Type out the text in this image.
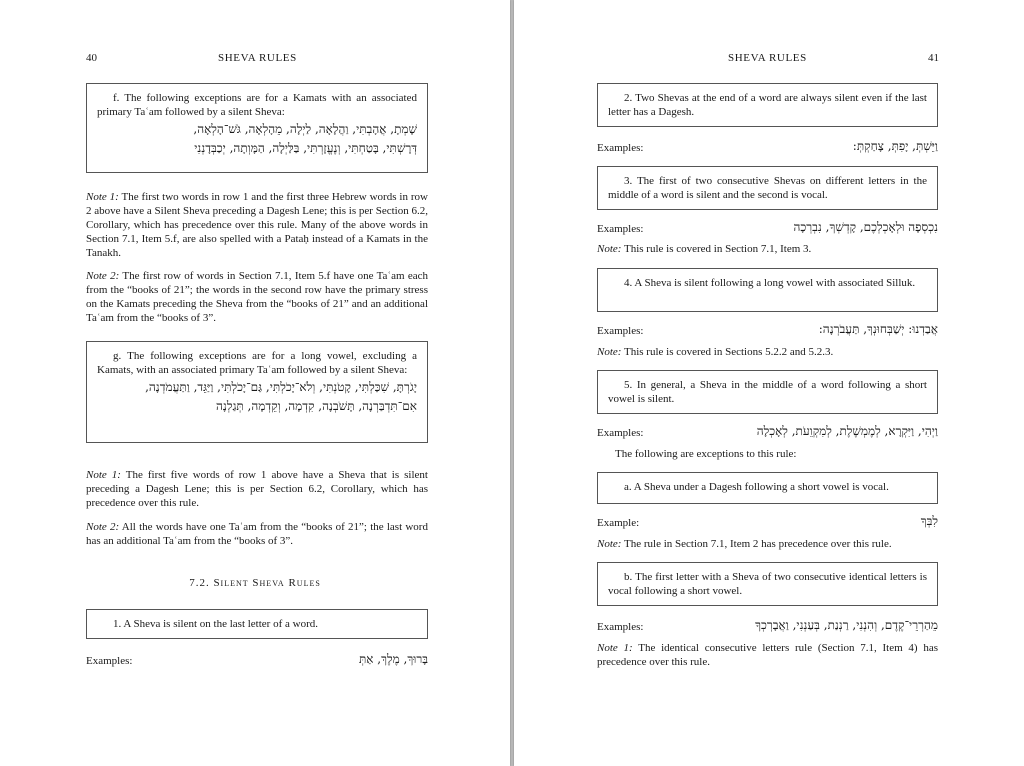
40	SHEVA RULES

f. The following exceptions are for a Kamats with an associated primary Taʿam followed by a silent Sheva:

שָׁמְתָ, אֲהָבְתִּי, וַהֲלָאָה, לַיְלָה, מֵהָלְאָה, גֹּשׁ־הָלְאָה,

דְּרָשְׁתִּי, בָּטַחְתִּי, וְנֶעֱזָרְתִּי, בַּלַּיְלָה, הַמָּוְתָה, יְכַבְּדָנְנִי

Note 1: The first two words in row 1 and the first three Hebrew words in row 2 above have a Silent Sheva preceding a Dagesh Lene; this is per Section 6.2, Corollary, which has precedence over this rule. Many of the above words in Section 7.1, Item 5.f, are also spelled with a Pataḥ instead of a Kamats in the Tanakh.

Note 2: The first row of words in Section 7.1, Item 5.f have one Taʿam each from the “books of 21”; the words in the second row have the primary stress on the Kamats preceding the Sheva from the “books of 21” and an additional Taʿam from the “books of 3”.

g. The following exceptions are for a long vowel, excluding a Kamats, with an associated primary Taʿam followed by a silent Sheva:

יָגֹרְתָּ, שִׁכַּלְתִּי, קָטֹנְתִּי, וְלֹא־יָכֹלְתִּי, גַּם־יָכֹלְתִּי, וַיַּגֵּד, וַתַּעֲמֹדְנָה,

אִם־תִּדְבַּרְנָה, תָּשֹׁבְנָה, קִדְמָה, וְקֵדְמָה, תְּגַלְנָה

Note 1: The first five words of row 1 above have a Sheva that is silent preceding a Dagesh Lene; this is per Section 6.2, Corollary, which has precedence over this rule.

Note 2: All the words have one Taʿam from the “books of 21”; the last word has an additional Taʿam from the “books of 3”.

7.2. Silent Sheva Rules

1. A Sheva is silent on the last letter of a word.

Examples:	בָּרוּךְ, מֶלֶךְ, אַתְּ
SHEVA RULES	41

2. Two Shevas at the end of a word are always silent even if the last letter has a Dagesh.

Examples:	וַיֵּשְׁתְּ, יָפִתְּ, צָחַקְתְּ:

3. The first of two consecutive Shevas on different letters in the middle of a word is silent and the second is vocal.

Examples:	נִכְסְפָה וּלְאָכְלְכֶם, קָדְשְׁךָ, נִבְרְכָה

Note: This rule is covered in Section 7.1, Item 3.

4. A Sheva is silent following a long vowel with associated Silluk.

Examples:	אֲבַדְנוּ: יְשַׁבְּחוּנְךָ, תַּעֲבֹרְנָה:

Note: This rule is covered in Sections 5.2.2 and 5.2.3.

5. In general, a Sheva in the middle of a word following a short vowel is silent.

Examples:	וַיְהִי, וַיִּקְרָא, לְמֶמְשֶׁלֶת, לְמִקְוֵעֹת, לְאָכְלָה

The following are exceptions to this rule:

a. A Sheva under a Dagesh following a short vowel is vocal.

Example:	לִבְּךָ

Note: The rule in Section 7.1, Item 2 has precedence over this rule.

b. The first letter with a Sheva of two consecutive identical letters is vocal following a short vowel.

Examples:	מֵהַרְרֵי־קֶדֶם, וְהִנְנִי, רַנְנַת, בְּעַנְנִי, וַאֲבָרְכְךָ

Note 1: The identical consecutive letters rule (Section 7.1, Item 4) has precedence over this rule.
